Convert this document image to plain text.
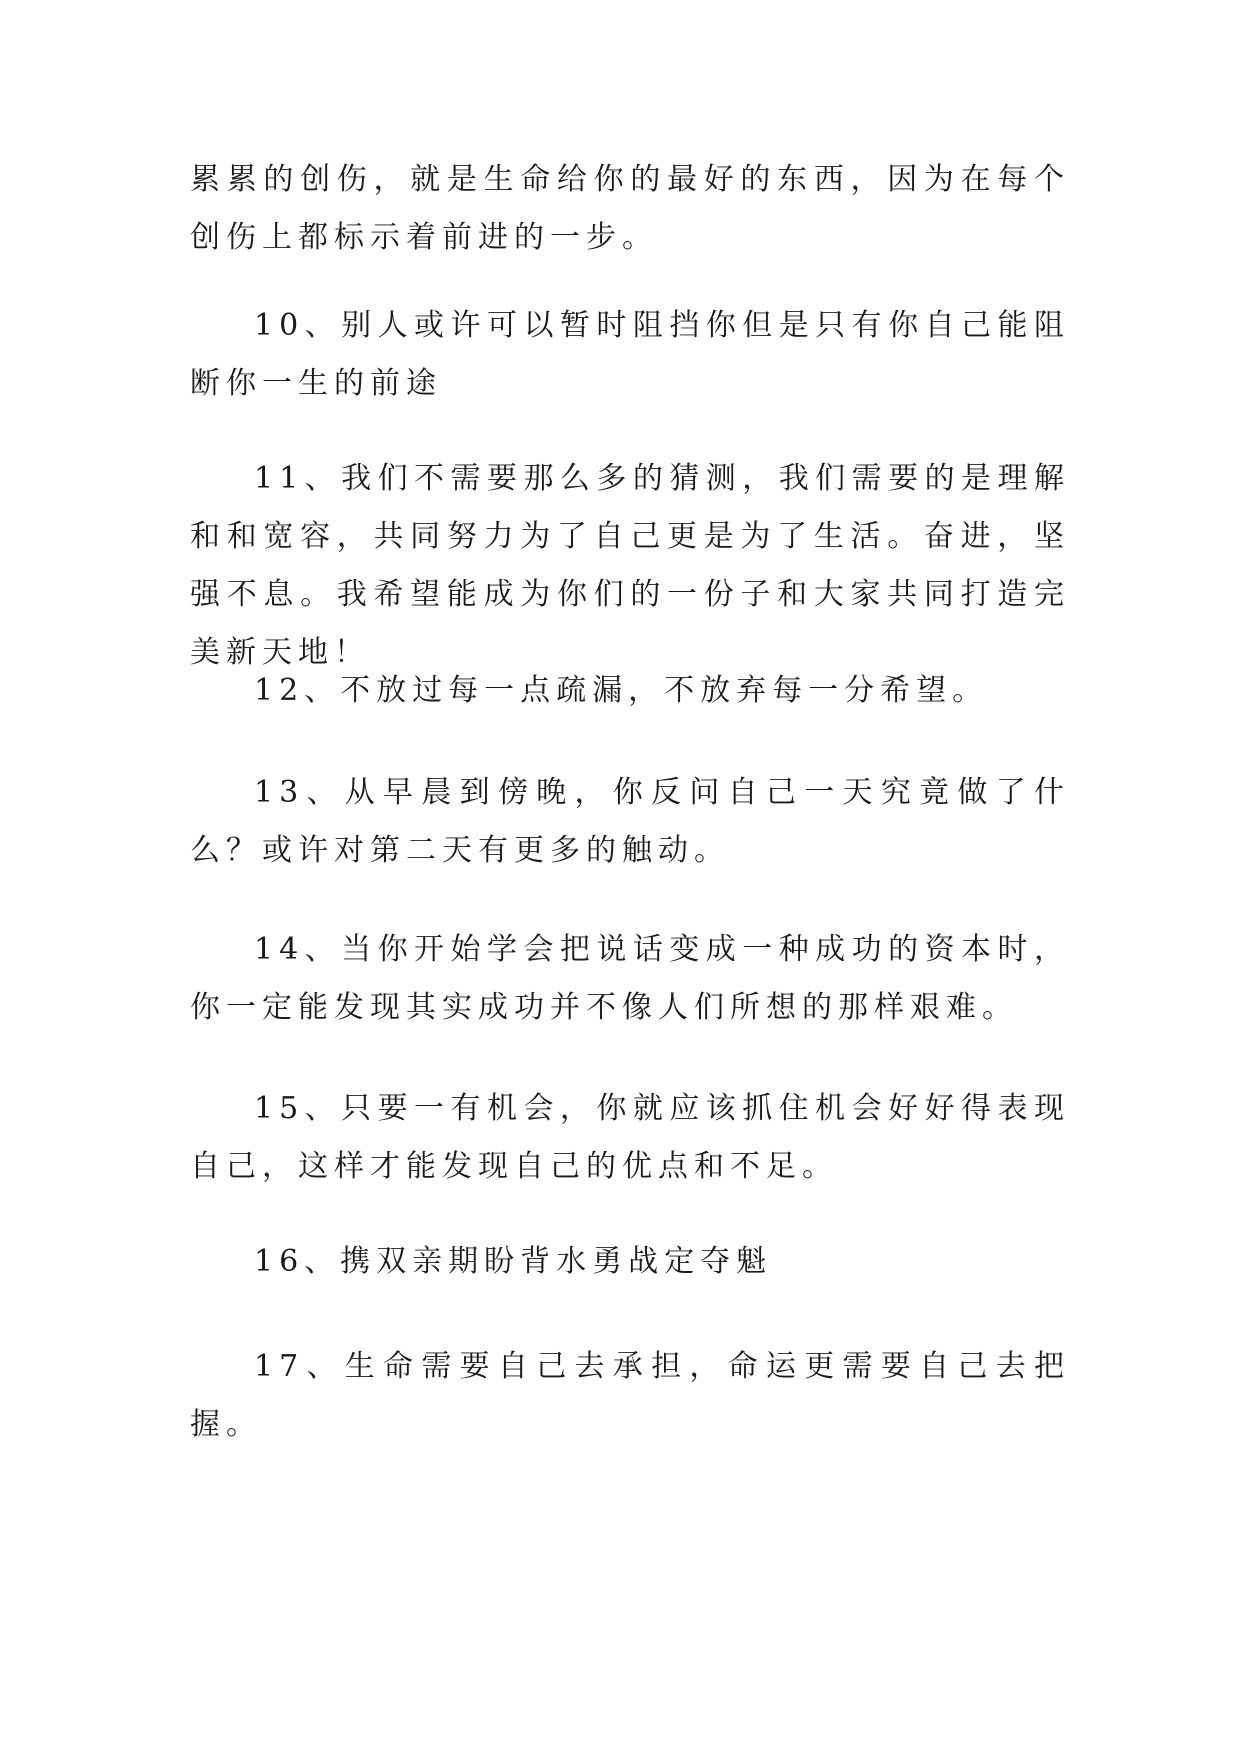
累累的创伤，就是生命给你的最好的东西，因为在每个创伤上都标示着前进的一步。

10、别人或许可以暂时阻挡你但是只有你自己能阻断你一生的前途

11、我们不需要那么多的猜测，我们需要的是理解和和宽容，共同努力为了自己更是为了生活。奋进，坚强不息。我希望能成为你们的一份子和大家共同打造完美新天地！

12、不放过每一点疏漏，不放弃每一分希望。

13、从早晨到傍晚，你反问自己一天究竟做了什么？或许对第二天有更多的触动。

14、当你开始学会把说话变成一种成功的资本时，你一定能发现其实成功并不像人们所想的那样艰难。

15、只要一有机会，你就应该抓住机会好好得表现自己，这样才能发现自己的优点和不足。

16、携双亲期盼背水勇战定夺魁

17、生命需要自己去承担，命运更需要自己去把握。
